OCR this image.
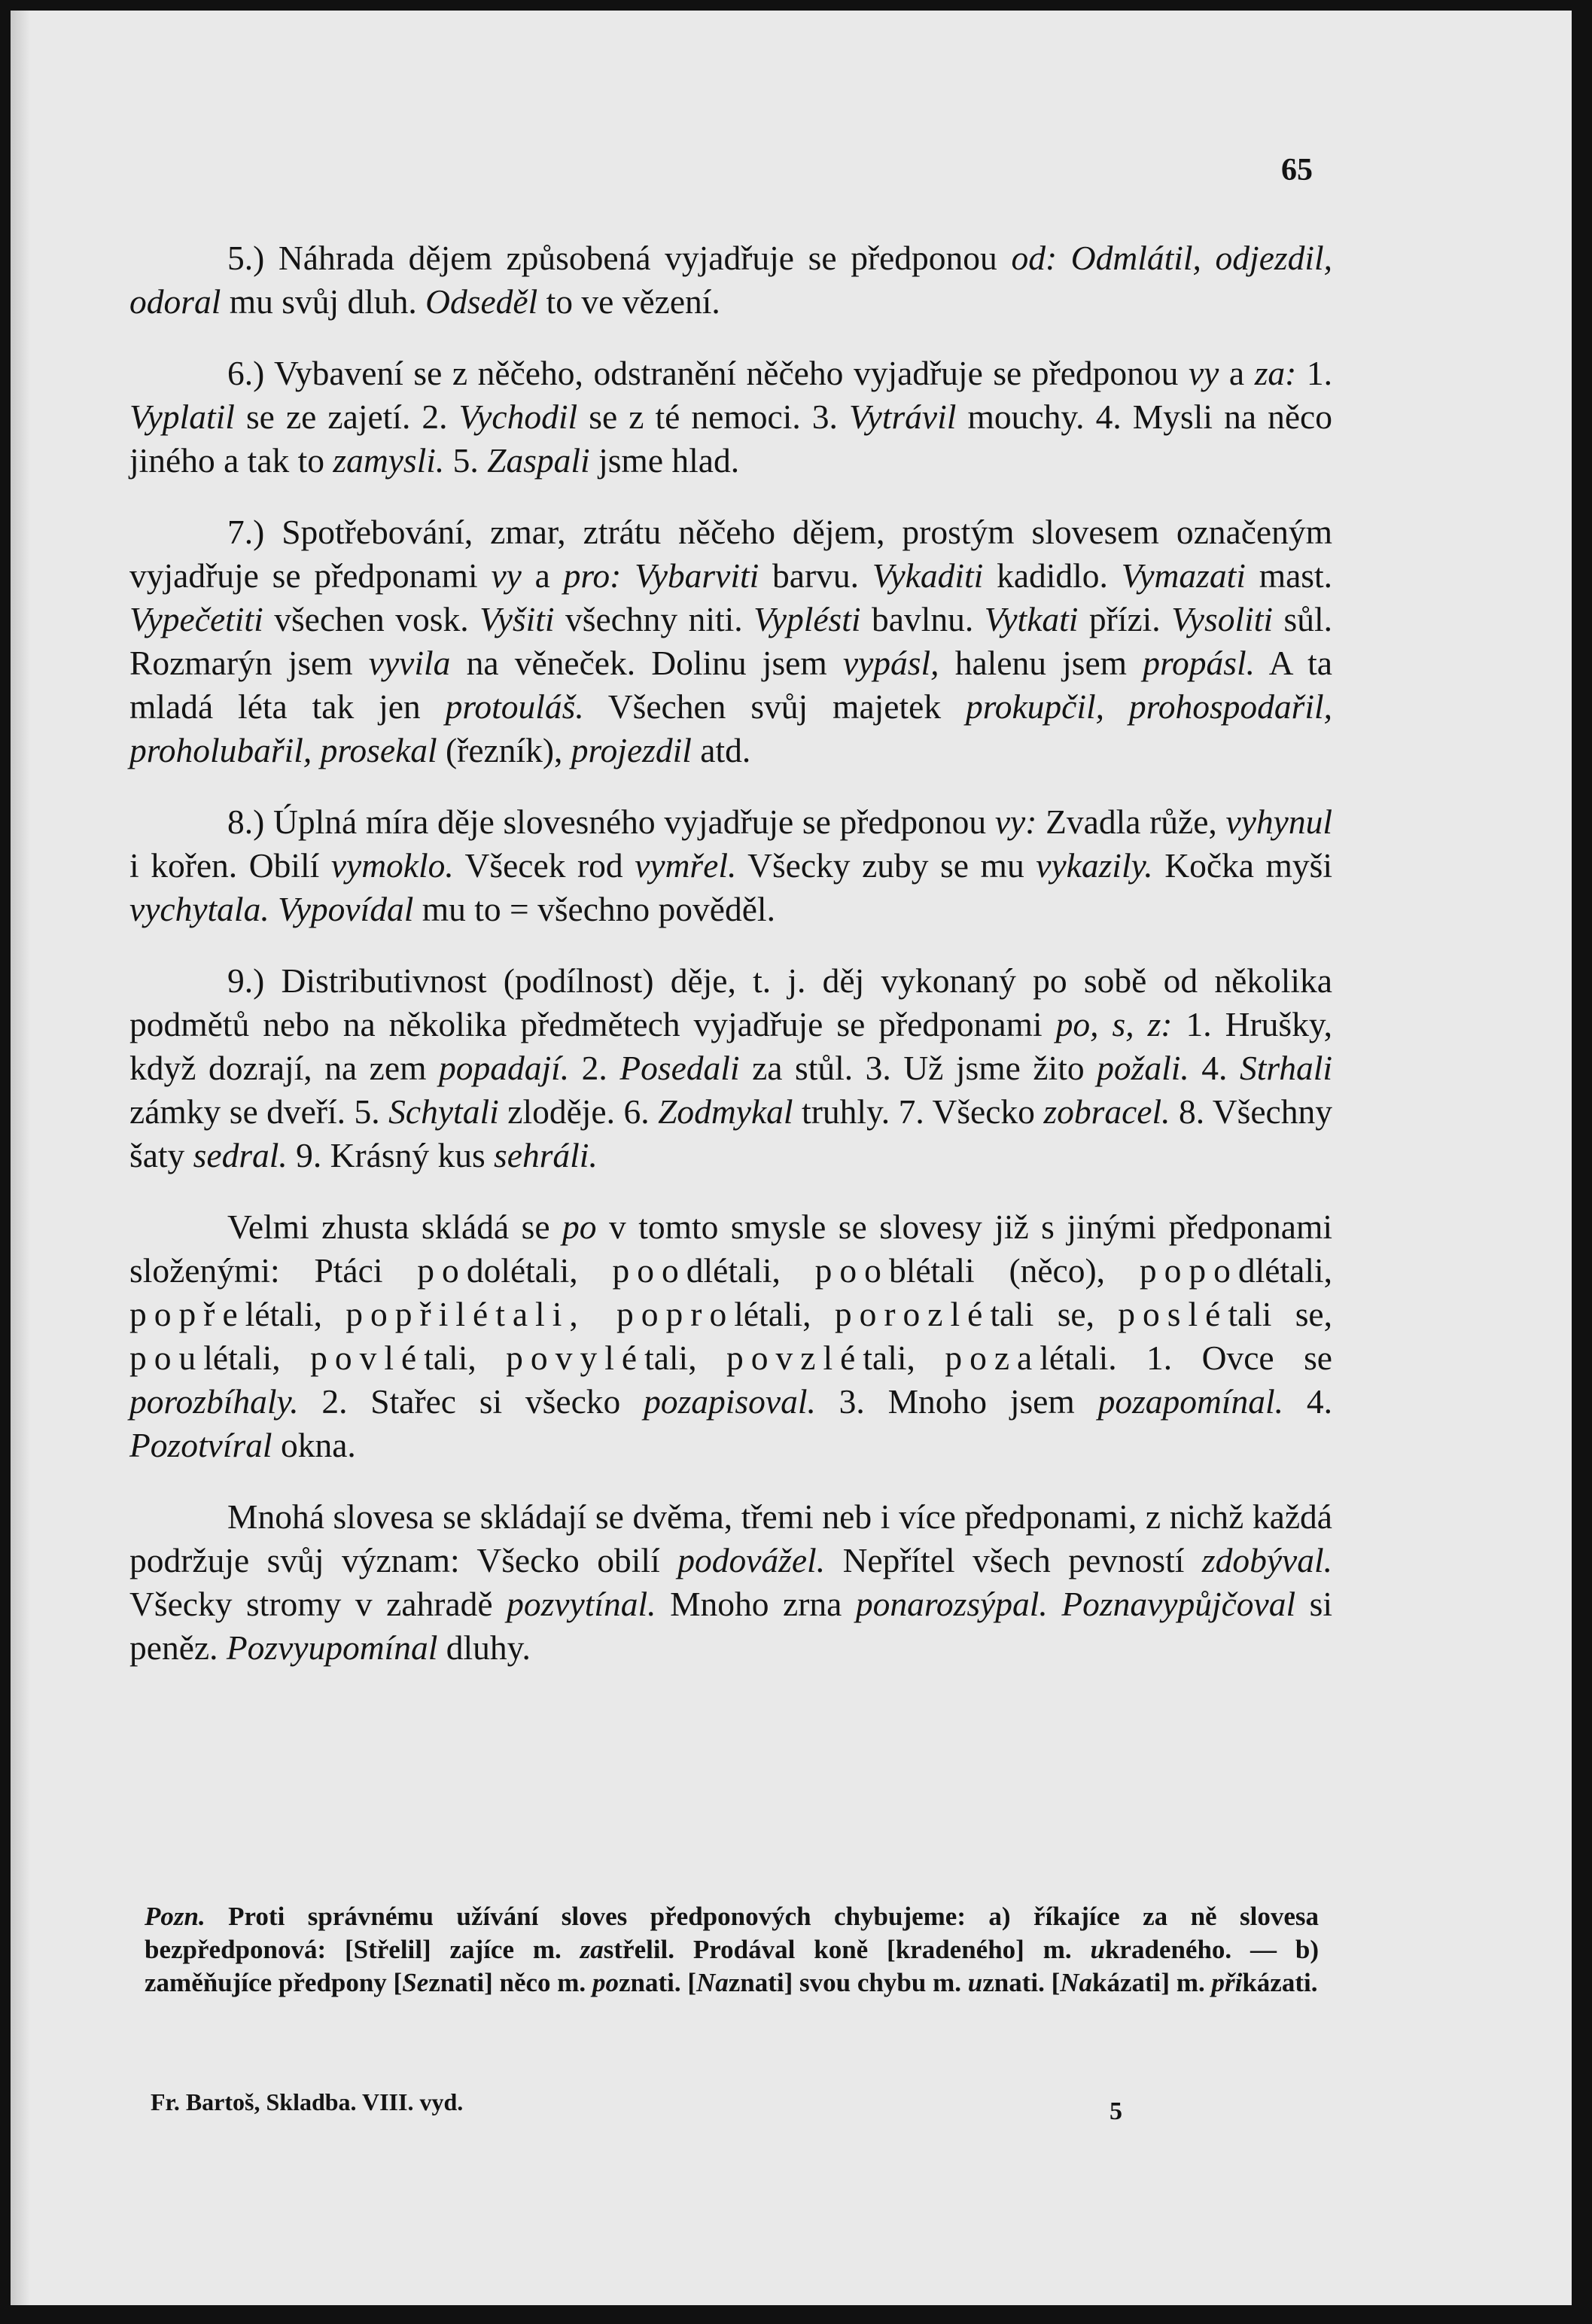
65

5.) Náhrada dějem způsobená vyjadřuje se předponou od: Odmlátil, odjezdil, odoral mu svůj dluh. Odseděl to ve vězení.

6.) Vybavení se z něčeho, odstranění něčeho vyjadřuje se předponou vy a za: 1. Vyplatil se ze zajetí. 2. Vychodil se z té nemoci. 3. Vytrávil mouchy. 4. Mysli na něco jiného a tak to zamysli. 5. Zaspali jsme hlad.

7.) Spotřebování, zmar, ztrátu něčeho dějem, prostým slovesem označeným vyjadřuje se předponami vy a pro: Vybarviti barvu. Vykaditi kadidlo. Vymazati mast. Vypečetiti všechen vosk. Vyšiti všechny niti. Vyplésti bavlnu. Vytkati přízi. Vysoliti sůl. Rozmarýn jsem vyvila na věneček. Dolinu jsem vypásl, halenu jsem propásl. A ta mladá léta tak jen protouláš. Všechen svůj majetek prokupčil, prohospodařil, proholubařil, prosekal (řezník), projezdil atd.

8.) Úplná míra děje slovesného vyjadřuje se předponou vy: Zvadla růže, vyhynul i kořen. Obilí vymoklo. Všecek rod vymřel. Všecky zuby se mu vykazily. Kočka myši vychytala. Vypovídal mu to = všechno pověděl.

9.) Distributivnost (podílnost) děje, t. j. děj vykonaný po sobě od několika podmětů nebo na několika předmětech vyjadřuje se předponami po, s, z: 1. Hrušky, když dozrají, na zem popadají. 2. Posedali za stůl. 3. Už jsme žito požali. 4. Strhali zámky se dveří. 5. Schytali zloděje. 6. Zodmykal truhly. 7. Všecko zobracel. 8. Všechny šaty sedral. 9. Krásný kus sehráli.

Velmi zhusta skládá se po v tomto smysle se slovesy již s jinými předponami složenými: Ptáci podolétali, poodlétali, pooblétali (něco), popodlétali, popřelétali, popřilétali, poprolétali, porozlétali se, poslétali se, poulétali, povlétali, povylétali, povzlétali, pozalétali. 1. Ovce se porozbíhaly. 2. Stařec si všecko pozapisoval. 3. Mnoho jsem pozapomínal. 4. Pozotvíral okna.

Mnohá slovesa se skládají se dvěma, třemi neb i více předponami, z nichž každá podržuje svůj význam: Všecko obilí podovážel. Nepřítel všech pevností zdobýval. Všecky stromy v zahradě pozvytínal. Mnoho zrna ponarozsýpal. Poznavypůjčoval si peněz. Pozvyupomínal dluhy.

Pozn. Proti správnému užívání sloves předponových chybujeme: a) říkajíce za ně slovesa bezpředponová: [Střelil] zajíce m. zastřelil. Prodával koně [kradeného] m. ukradeného. — b) zaměňujíce předpony [Seznati] něco m. poznati. [Naznati] svou chybu m. uznati. [Nakázati] m. přikázati.
Fr. Bartoš, Skladba. VIII. vyd.	5
